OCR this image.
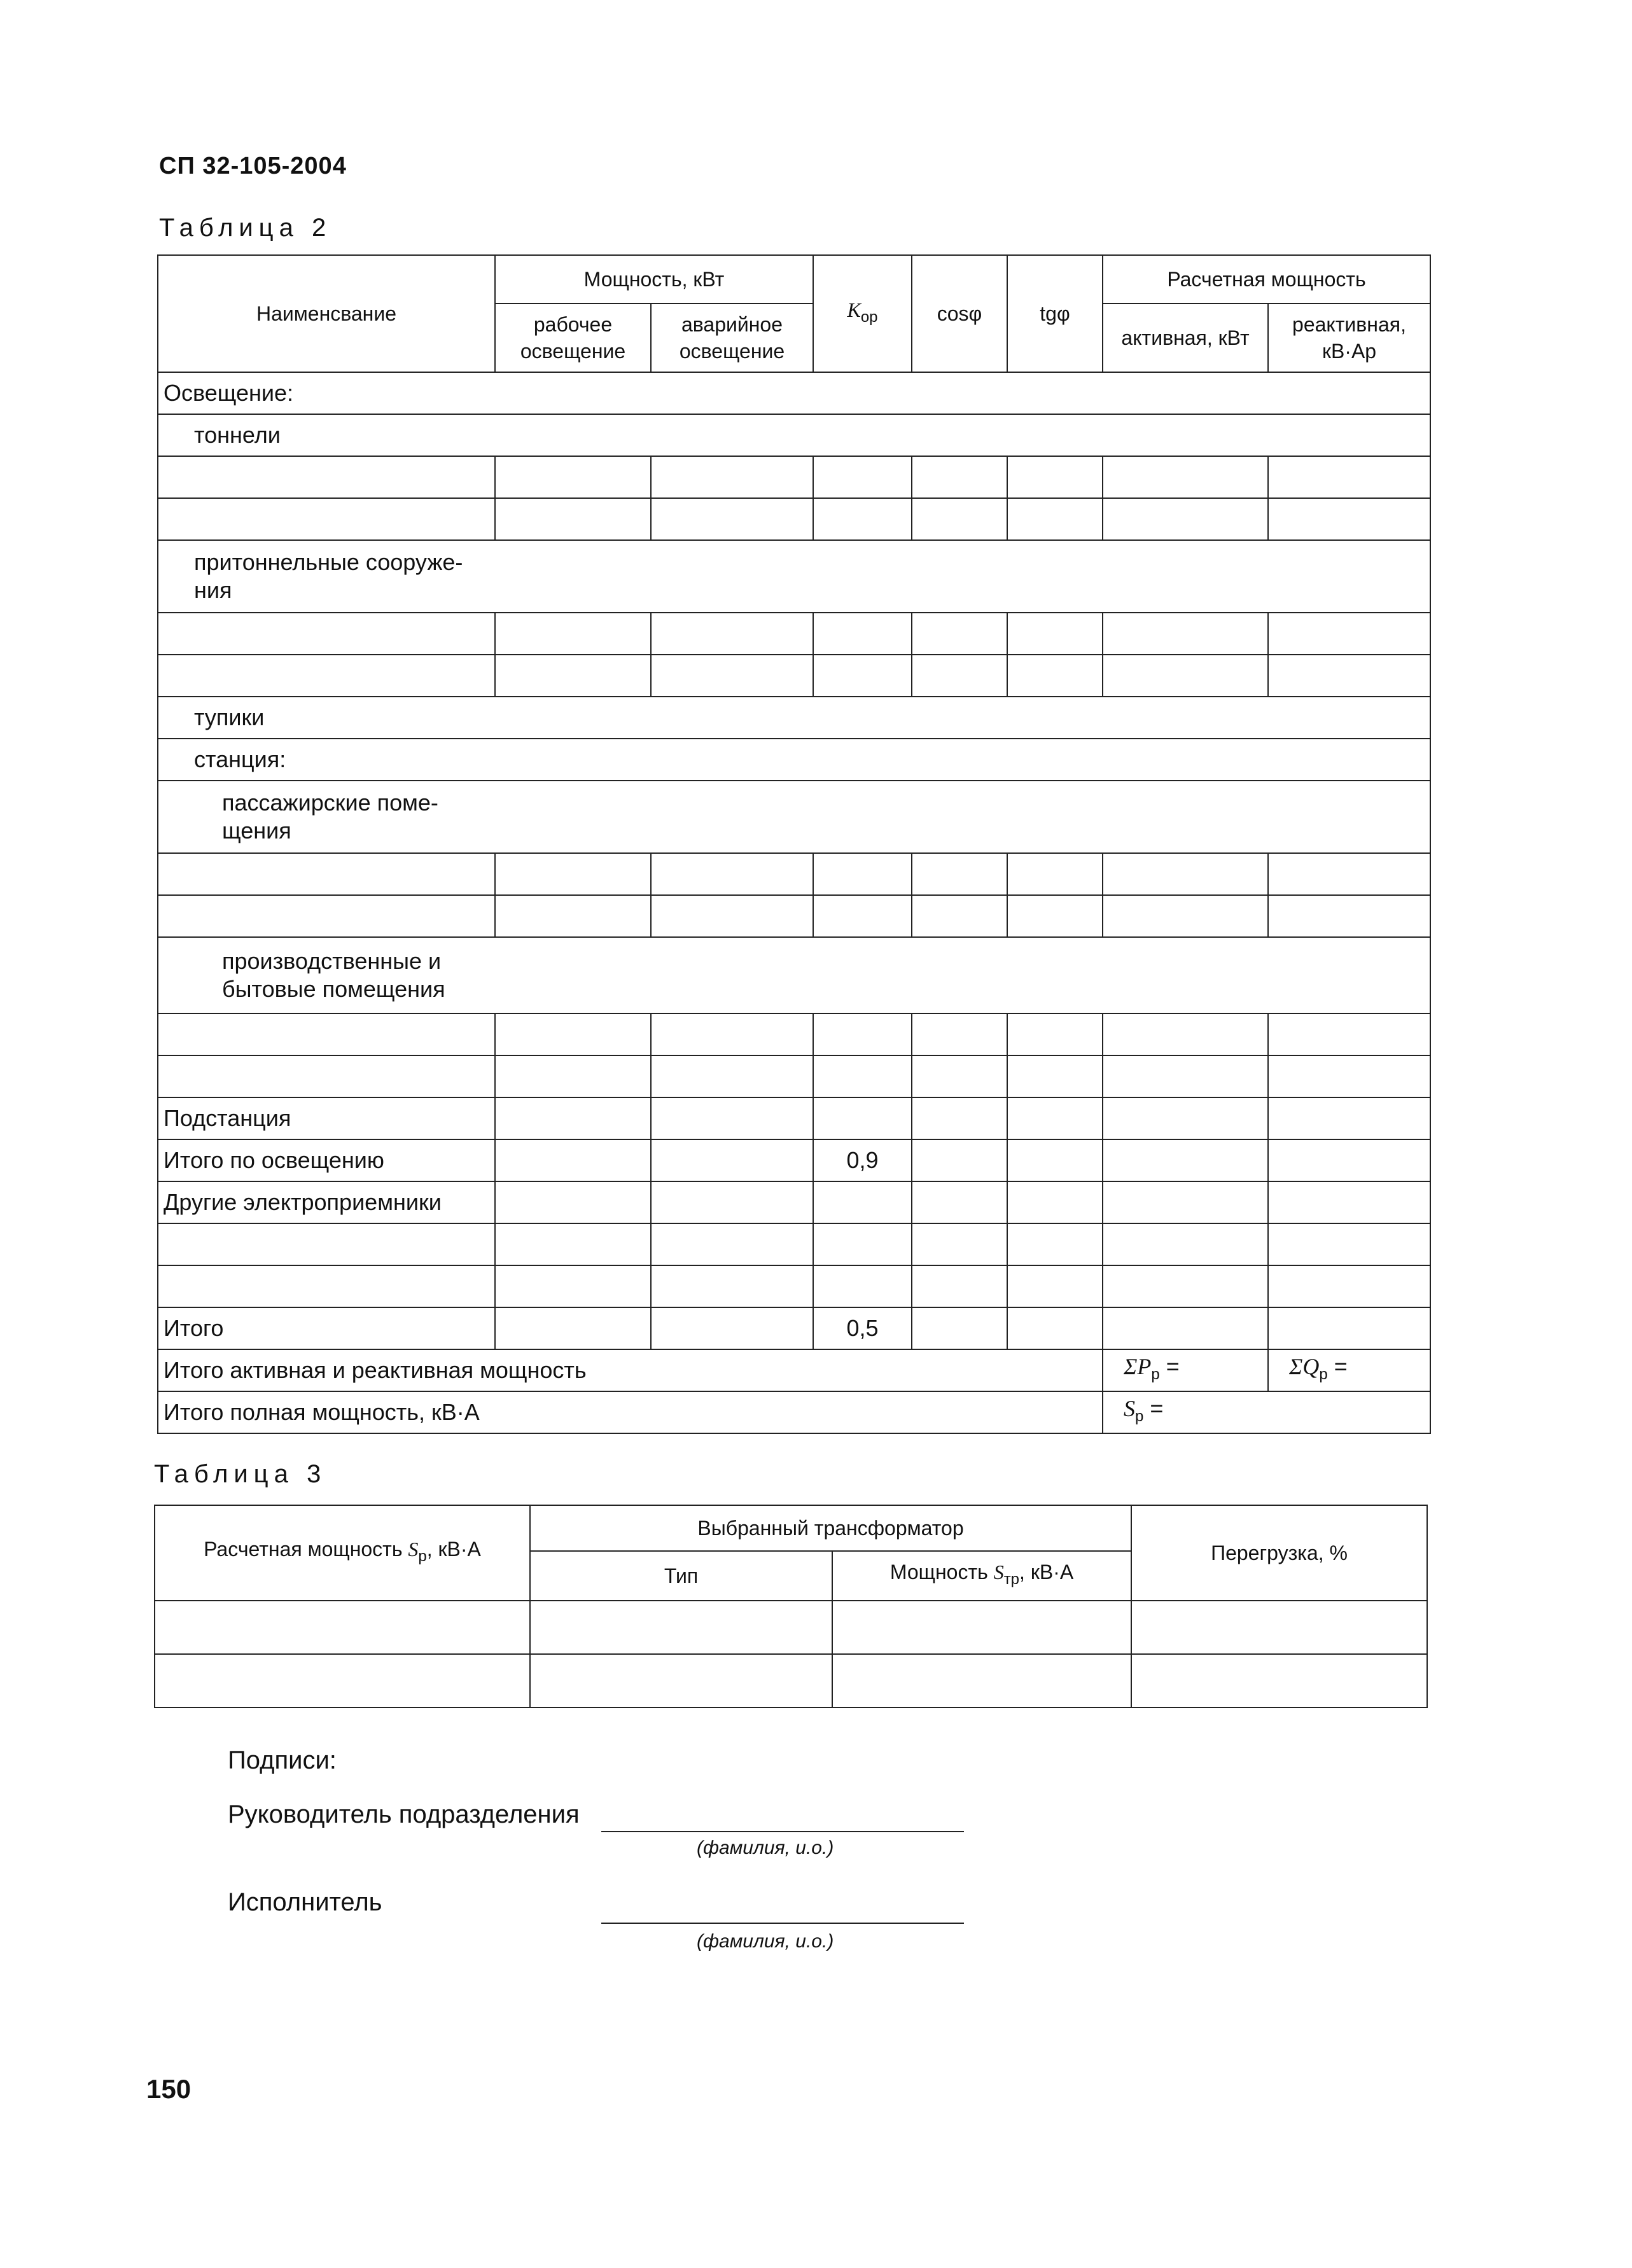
СП 32-105-2004
Таблица 2
Наименсвание	Мощность, кВт		$K_{ор}$	cosφ	tgφ	Расчетная мощность	
	рабочее освещение	аварийное освещение				активная, кВт	реактивная, кВ·Ар
Освещение:							
тоннели							

притоннельные сооруже-ния							

тупики							
станция:							

пассажирские поме-щения							

производственные и бытовые помещения							

Подстанция							
Итого по освещению			0,9				
Другие электроприемники							

Итого			0,5				
Итого активная и реактивная мощность						$\Sigma P_р$ =	$\Sigma Q_р$ =
Итого полная мощность, кВ·А						$S_р$ =	
Таблица 3
Расчетная мощность $S_р$, кВ·А	Выбранный трансформатор		Перегрузка, %
	Тип	Мощность $S_{тр}$, кВ·А	

Подписи:
Руководитель подразделения
(фамилия, и.о.)
Исполнитель
(фамилия, и.о.)
150
